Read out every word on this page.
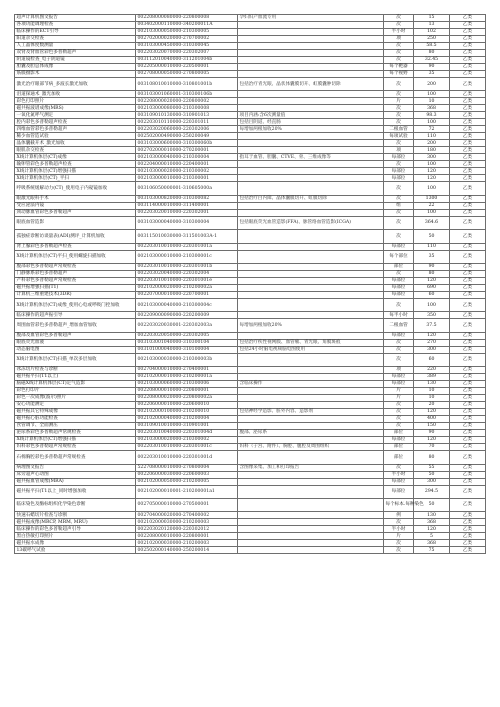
超声计算机图文报告	002208000080000-220800008	孕妇妇产血流专用	次	15	乙类
各项功能调理检查	003402000110000-340200011A		次	13	乙类
临床操作的ECT引导	002103000050000-210300005		半小时	102	乙类
阳道杂交检查	002702000020000-270700002		项	250	乙类
人工晶体度数测量	003103000450000-310300045		次	58.5	乙类
双肾及肾血管彩色多普勒超声	002203020070000-220302007		次	80	乙类
阴道镜检查_电子阴道镜	003112010040000-311201004b		次	32.45	乙类
胆囊及胆总体成像	002205000010000-220500001		每个靶器	90	乙类
筋膜摄影术	002708000050000-270800005		每个视野	35	乙类
激光治疗眼部节病_多波长激光加收	003108010010000-310801001b	包括治疗青光眼、晶状体囊膜切开、虹膜囊肿切除	次	200	乙类
泪道探通术_激光加收	003103001060001-310300106b		次	100	乙类
彩色打印照片	002208000020000-220800002		片	10	乙类
磁共振波谱成像(MRS)	002103000080000-210300008		次	368	乙类
一氧化氮呼气测定	003109010130000-310901013	项目内涵:含6次测量值	次	98.3	乙类
腔内彩色多普勒超声检查	002203010110000-220301011	包括目阴道、经直肠	次	100	乙类
四维血管彩色多普勒超声	002203020060000-220302006	每增加两根加收20%	二根血管	72	乙类
稀少血管造试验	002502000490000-250200049		每项试验	110	乙类
晶体囊截开术_激光加收	003103000600000-310300060b		次	200	乙类
眼肌杂交检查	002702000010000-270200001		项	180	乙类
X线计算机体层(CT)成像	002103000040000-210300004	指耳于血管、胆囊、CTVE、骨、三维成像等	每部位	300	乙类
输卵管彩色多普勒超声检查	002204000010000-220400001		次	100	乙类
X线计算机体层(CT)增强扫描	002103000020000-210300002		每部位	120	乙类
X线计算机体层(CT)_平扫	002103000010000-210300001		每部位	120	乙类
呼吸系统缓解动力(CT)_使用电子内窥镜加收	003106050000001-310605000a		次	100	乙类
眼激光眼科手术	003103000820000-310300082	包括治疗白内障、晶体囊膜切开、虹膜切除	次	1300	乙类
受应泌法内镜	003114000010000-311400001		组	22	乙类
颈动脉血管彩色多普勒超声	002203020010000-220302001		次	100	乙类
眼底血管造影	003103000040000-310300004	包括眼底荧光血管造影(FFA)、脉管络血管造影(ICGA)	次	364.6	乙类
孤独症诊断访谈量表(ADI)测评_计算机加收	003115010030000-311501003A-1		次	50	乙类
肾上腺彩色多普勒超声检查	002203010010000-220301001a		每部位	110	乙类
X线计算机体层(CT)平扫_使用螺旋扫描加收	002103000010000-210300001c		每个部位	35	乙类
腹部彩色多普勒超声常规检查	002203010010000-220301001b		部位	90	乙类
门静脉系彩色多普勒超声	002203020040000-220302004		次	80	乙类
产科彩色多普勒超声常规检查	002203010010000-220301001e		每部位	120	乙类
磁共振增强扫描(T1)	002102000020000-210200002a		每部位	690	乙类
计算机三维重建技术(3DR)	002207000010000-220700001		每部位	60	乙类
X线计算机体层(CT)成像_使用心电或呼吸门控加收	002103000040000-210300004c		次	100	乙类
临床操作的超声振引导	002209000090000-220200009		每半小时	350	乙类
周围血管彩色多普勒超声_增加血管加收	002203020030001-220302003a	每增加两根加收20%	二根血管	37.5	乙类
腹部及血管彩色多普勒超声	002203020050000-220302005		每部位	120	乙类
眼底荧光血液	003103001040000-310300104	包括治疗疾性视网膜、血管瘤、青光眼、角膜斑痕	次	270	乙类
动态脑电图	003101000040000-310100004	包括24小时脑电视频脑电图使用	次	300	乙类
X线计算机体层(CT)扫描_单次多层加收	002103000030000-210300003b		次	60	乙类
冰冻切片检查与诊断	002704000010000-270400001		项	220	乙类
磁共振平扫(T1以上)	002102000010000-210200001a		每部位	389	乙类
脑磁X线计算机体层(CT)定气造影	002103000060000-210300006	含临床操作	每部位	130	乙类
彩色打印片	002208000010000-220800001		片	10	乙类
彩色一次成像(波尔)照片	002208000020000-220800002a		片	10	乙类
安心功能测定	002206000010000-220600010		次	20	乙类
磁共振其它特殊成像	002102000100000-210200010	包括神经学造影、脏外内容、造影剂	次	120	乙类
磁共振心脏功能检查	002102000040000-210200004		次	400	乙类
食管调节、全面测压	003109010010000-310901001		次	150	乙类
泌尿系彩色多普勒超声常规检查	002203010040000-220301004d	腹部、泌尿系	部位	90	乙类
X线计算机体层(CT)增强扫描	002103000020000-210300002		每部位	120	乙类
妇科彩色多普勒超声常规检查	002203010010000-220301001c	妇科（子宫、附件）、胸腔、腹腔及周围组织	部位	70	乙类
石棉胸腔彩色多普勒超声常规检查	002203010010000-220301001d		部位	80	乙类
病理图文报告	522708000010000-270800004	含图像采集、加工和打印报告	次	55	乙类
床旁超声心动图	002206000030000-220600003		半小时	50	乙类
磁共振血管成像(MRA)	002102000050000-210200005		每部位	300	乙类
磁共振平扫(T1以上_同时增强加收	002102000010001-210200001a1		每部位	294.5	乙类
临床染色及酶标组织化学染色诊断	002705000010000-270500001		每个标本.每种染色	50	乙类
快速石蜡切片检查与诊断	002704000020000-270400002		例	130	乙类
磁共振成像(MRCP, MRM, MRU)	002102000030000-210200003		次	368	乙类
临床操作的彩色多普勒超声引导	002203020120000-220302012		半小时	120	乙类
黑白热敏打印照片	002208000010000-220800001		片	5	乙类
磁共振水成像	002102000030000-210200003		次	368	乙类
13碳呼气试验	002502000140000-250200014		次	75	乙类
